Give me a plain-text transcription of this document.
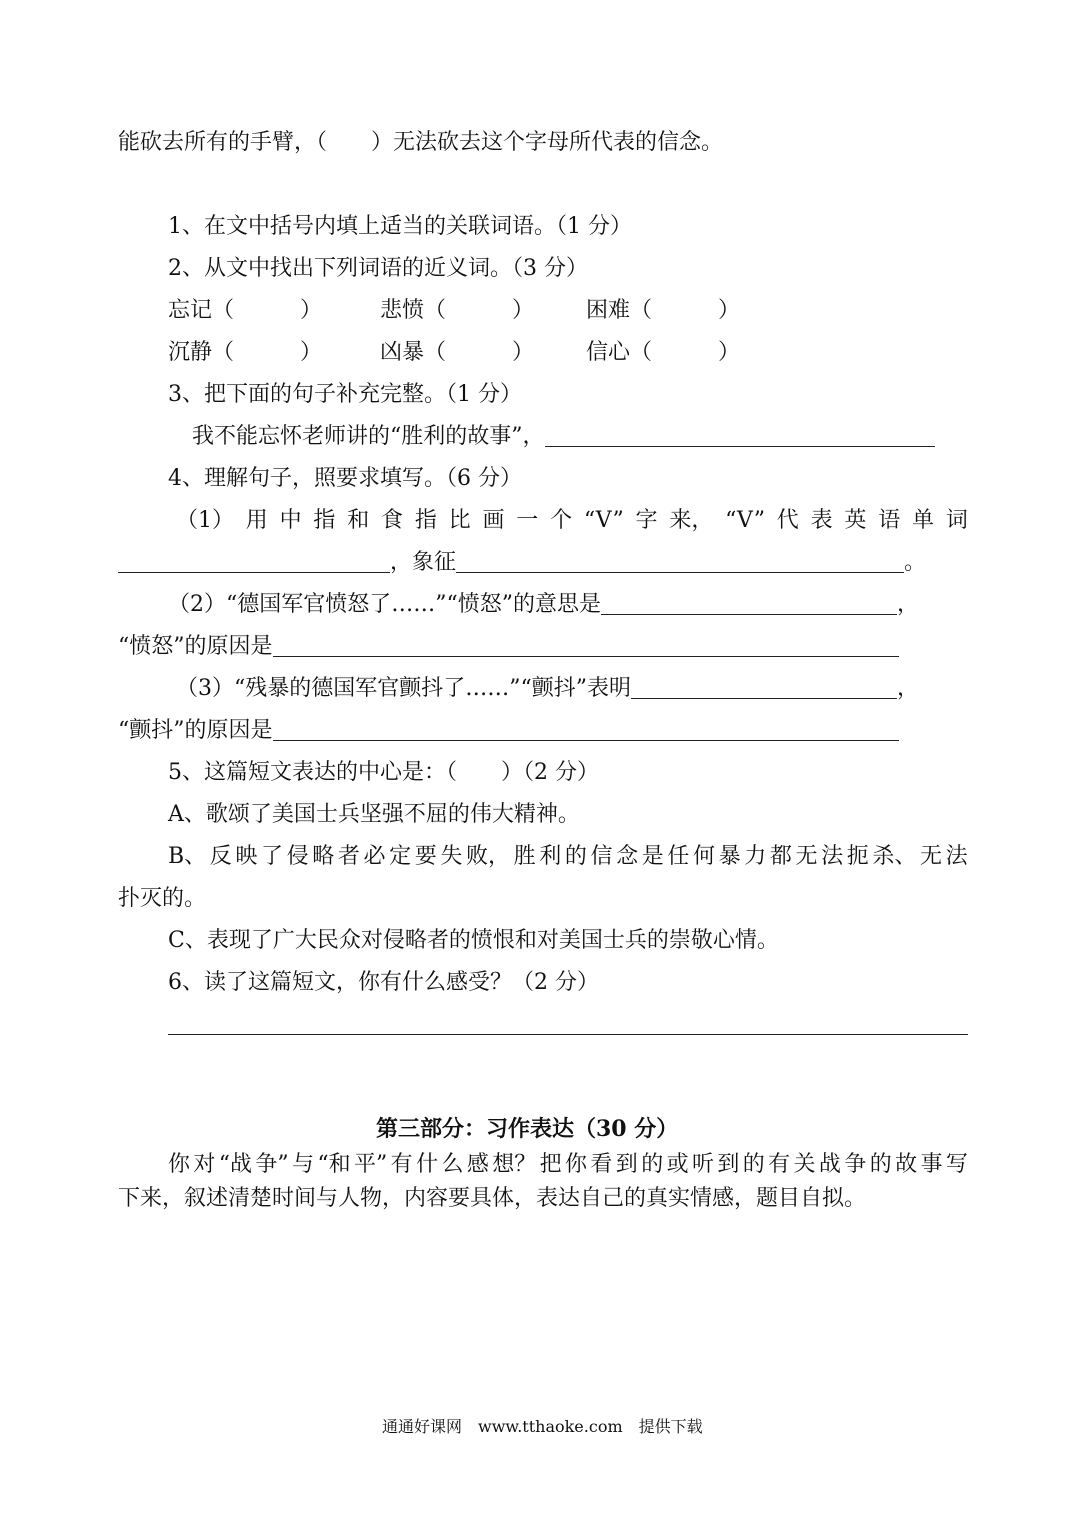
能砍去所有的手臂，（　　）无法砍去这个字母所代表的信念。
1、在文中括号内填上适当的关联词语。（1 分）
2、从文中找出下列词语的近义词。（3 分）
忘记（　　　）	悲愤（　　　） 困难（　　　）
沉静（　　　）	凶暴（　　　） 信心（　　　）
3、把下面的句子补充完整。（1 分）
我不能忘怀老师讲的“胜利的故事”，
4、理解句子，照要求填写。（6 分）
（1） 用 中 指 和 食 指 比 画 一 个 “V” 字 来， “V” 代 表 英 语 单 词
，象征	。
（2）“德国军官愤怒了……”“愤怒”的意思是	，
“愤怒”的原因是
（3）“残暴的德国军官颤抖了……”“颤抖”表明	，
“颤抖”的原因是
5、这篇短文表达的中心是：（　　）（2 分）
A、歌颂了美国士兵坚强不屈的伟大精神。
B、 反 映 了 侵 略 者 必 定 要 失 败， 胜 利 的 信 念 是 任 何 暴 力 都 无 法 扼 杀、 无 法
扑灭的。
C、表现了广大民众对侵略者的愤恨和对美国士兵的崇敬心情。
6、读了这篇短文，你有什么感受？（2 分）
第三部分：习作表达（30 分）
你 对 “战 争” 与 “和 平” 有 什 么 感 想？ 把 你 看 到 的 或 听 到 的 有 关 战 争 的 故 事 写
下来，叙述清楚时间与人物，内容要具体，表达自己的真实情感，题目自拟。
通通好课网　www.tthaoke.com　提供下载
